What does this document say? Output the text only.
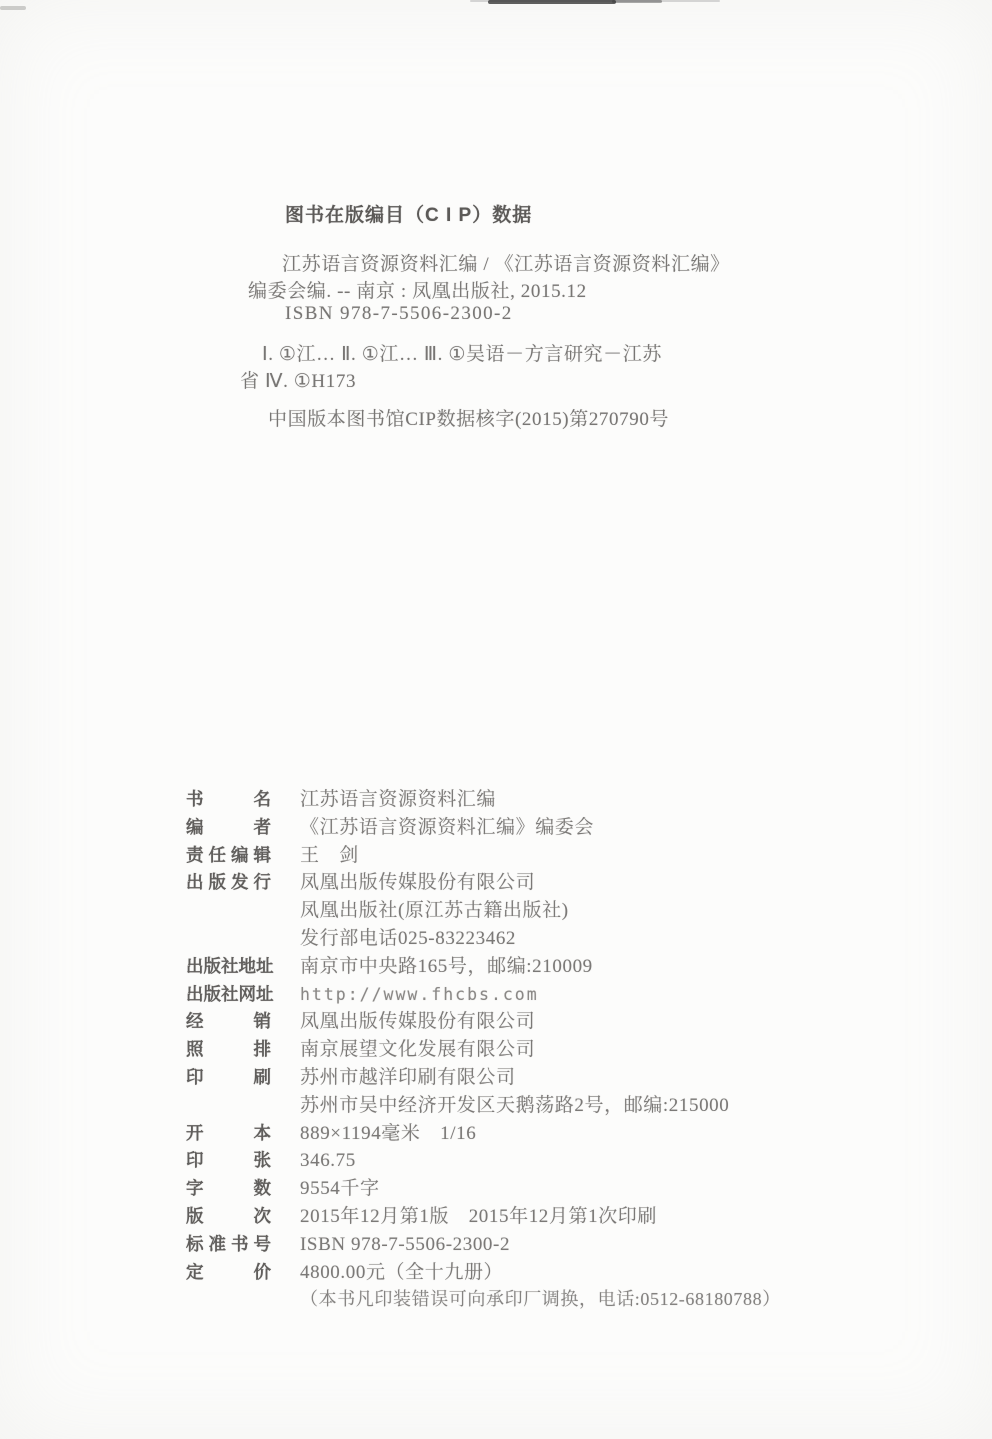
图书在版编目（C I P）数据
江苏语言资源资料汇编 / 《江苏语言资源资料汇编》
编委会编. -- 南京 : 凤凰出版社, 2015.12
ISBN 978-7-5506-2300-2
Ⅰ. ①江… Ⅱ. ①江… Ⅲ. ①吴语－方言研究－江苏
省 Ⅳ. ①H173
中国版本图书馆CIP数据核字(2015)第270790号
书	名 江苏语言资源资料汇编
编	者 《江苏语言资源资料汇编》编委会
责 任 编 辑 王　剑
出 版 发 行 凤凰出版传媒股份有限公司
凤凰出版社(原江苏古籍出版社)
发行部电话025-83223462
出 版 社 地 址 南京市中央路165号，邮编:210009
出 版 社 网 址 http://www.fhcbs.com
经	销 凤凰出版传媒股份有限公司
照	排 南京展望文化发展有限公司
印	刷 苏州市越洋印刷有限公司
苏州市吴中经济开发区天鹅荡路2号，邮编:215000
开	本 889×1194毫米　1/16
印	张 346.75
字	数 9554千字
版	次 2015年12月第1版　2015年12月第1次印刷
标 准 书 号 ISBN 978-7-5506-2300-2
定	价 4800.00元（全十九册）
（本书凡印装错误可向承印厂调换，电话:0512-68180788）
